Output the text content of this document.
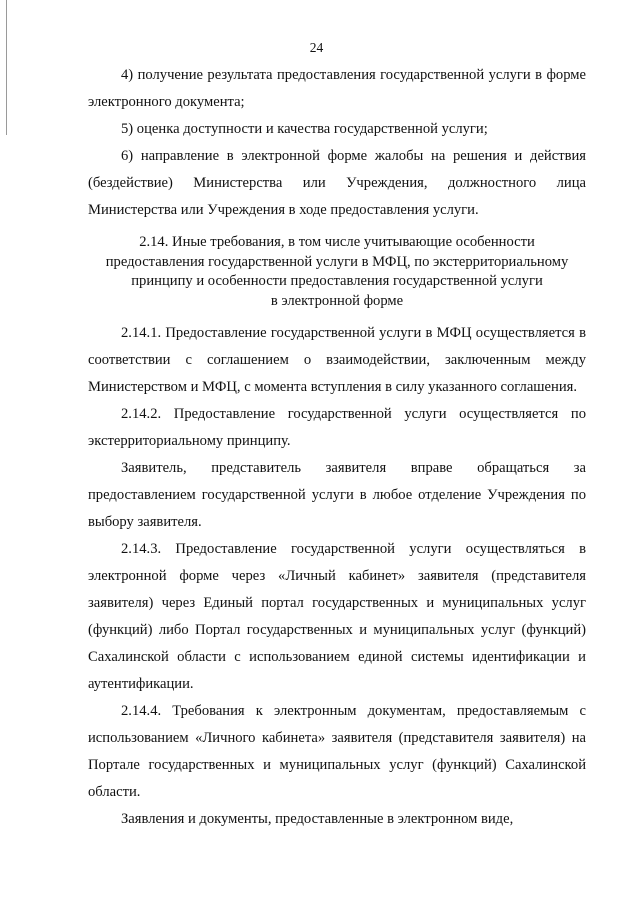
24

4) получение результата предоставления государственной услуги в форме электронного документа;

5) оценка доступности и качества государственной услуги;

6) направление в электронной форме жалобы на решения и действия (бездействие) Министерства или Учреждения, должностного лица Министерства или Учреждения в ходе предоставления услуги.

2.14. Иные требования, в том числе учитывающие особенности
предоставления государственной услуги в МФЦ, по экстерриториальному
принципу и особенности предоставления государственной услуги
в электронной форме

2.14.1. Предоставление государственной услуги в МФЦ осуществляется в соответствии с соглашением о взаимодействии, заключенным между Министерством и МФЦ, с момента вступления в силу указанного соглашения.

2.14.2. Предоставление государственной услуги осуществляется по экстерриториальному принципу.

Заявитель, представитель заявителя вправе обращаться за предоставлением государственной услуги в любое отделение Учреждения по выбору заявителя.

2.14.3. Предоставление государственной услуги осуществляться в электронной форме через «Личный кабинет» заявителя (представителя заявителя) через Единый портал государственных и муниципальных услуг (функций) либо Портал государственных и муниципальных услуг (функций) Сахалинской области с использованием единой системы идентификации и аутентификации.

2.14.4. Требования к электронным документам, предоставляемым с использованием «Личного кабинета» заявителя (представителя заявителя) на Портале государственных и муниципальных услуг (функций) Сахалинской области.

Заявления и документы, предоставленные в электронном виде,
